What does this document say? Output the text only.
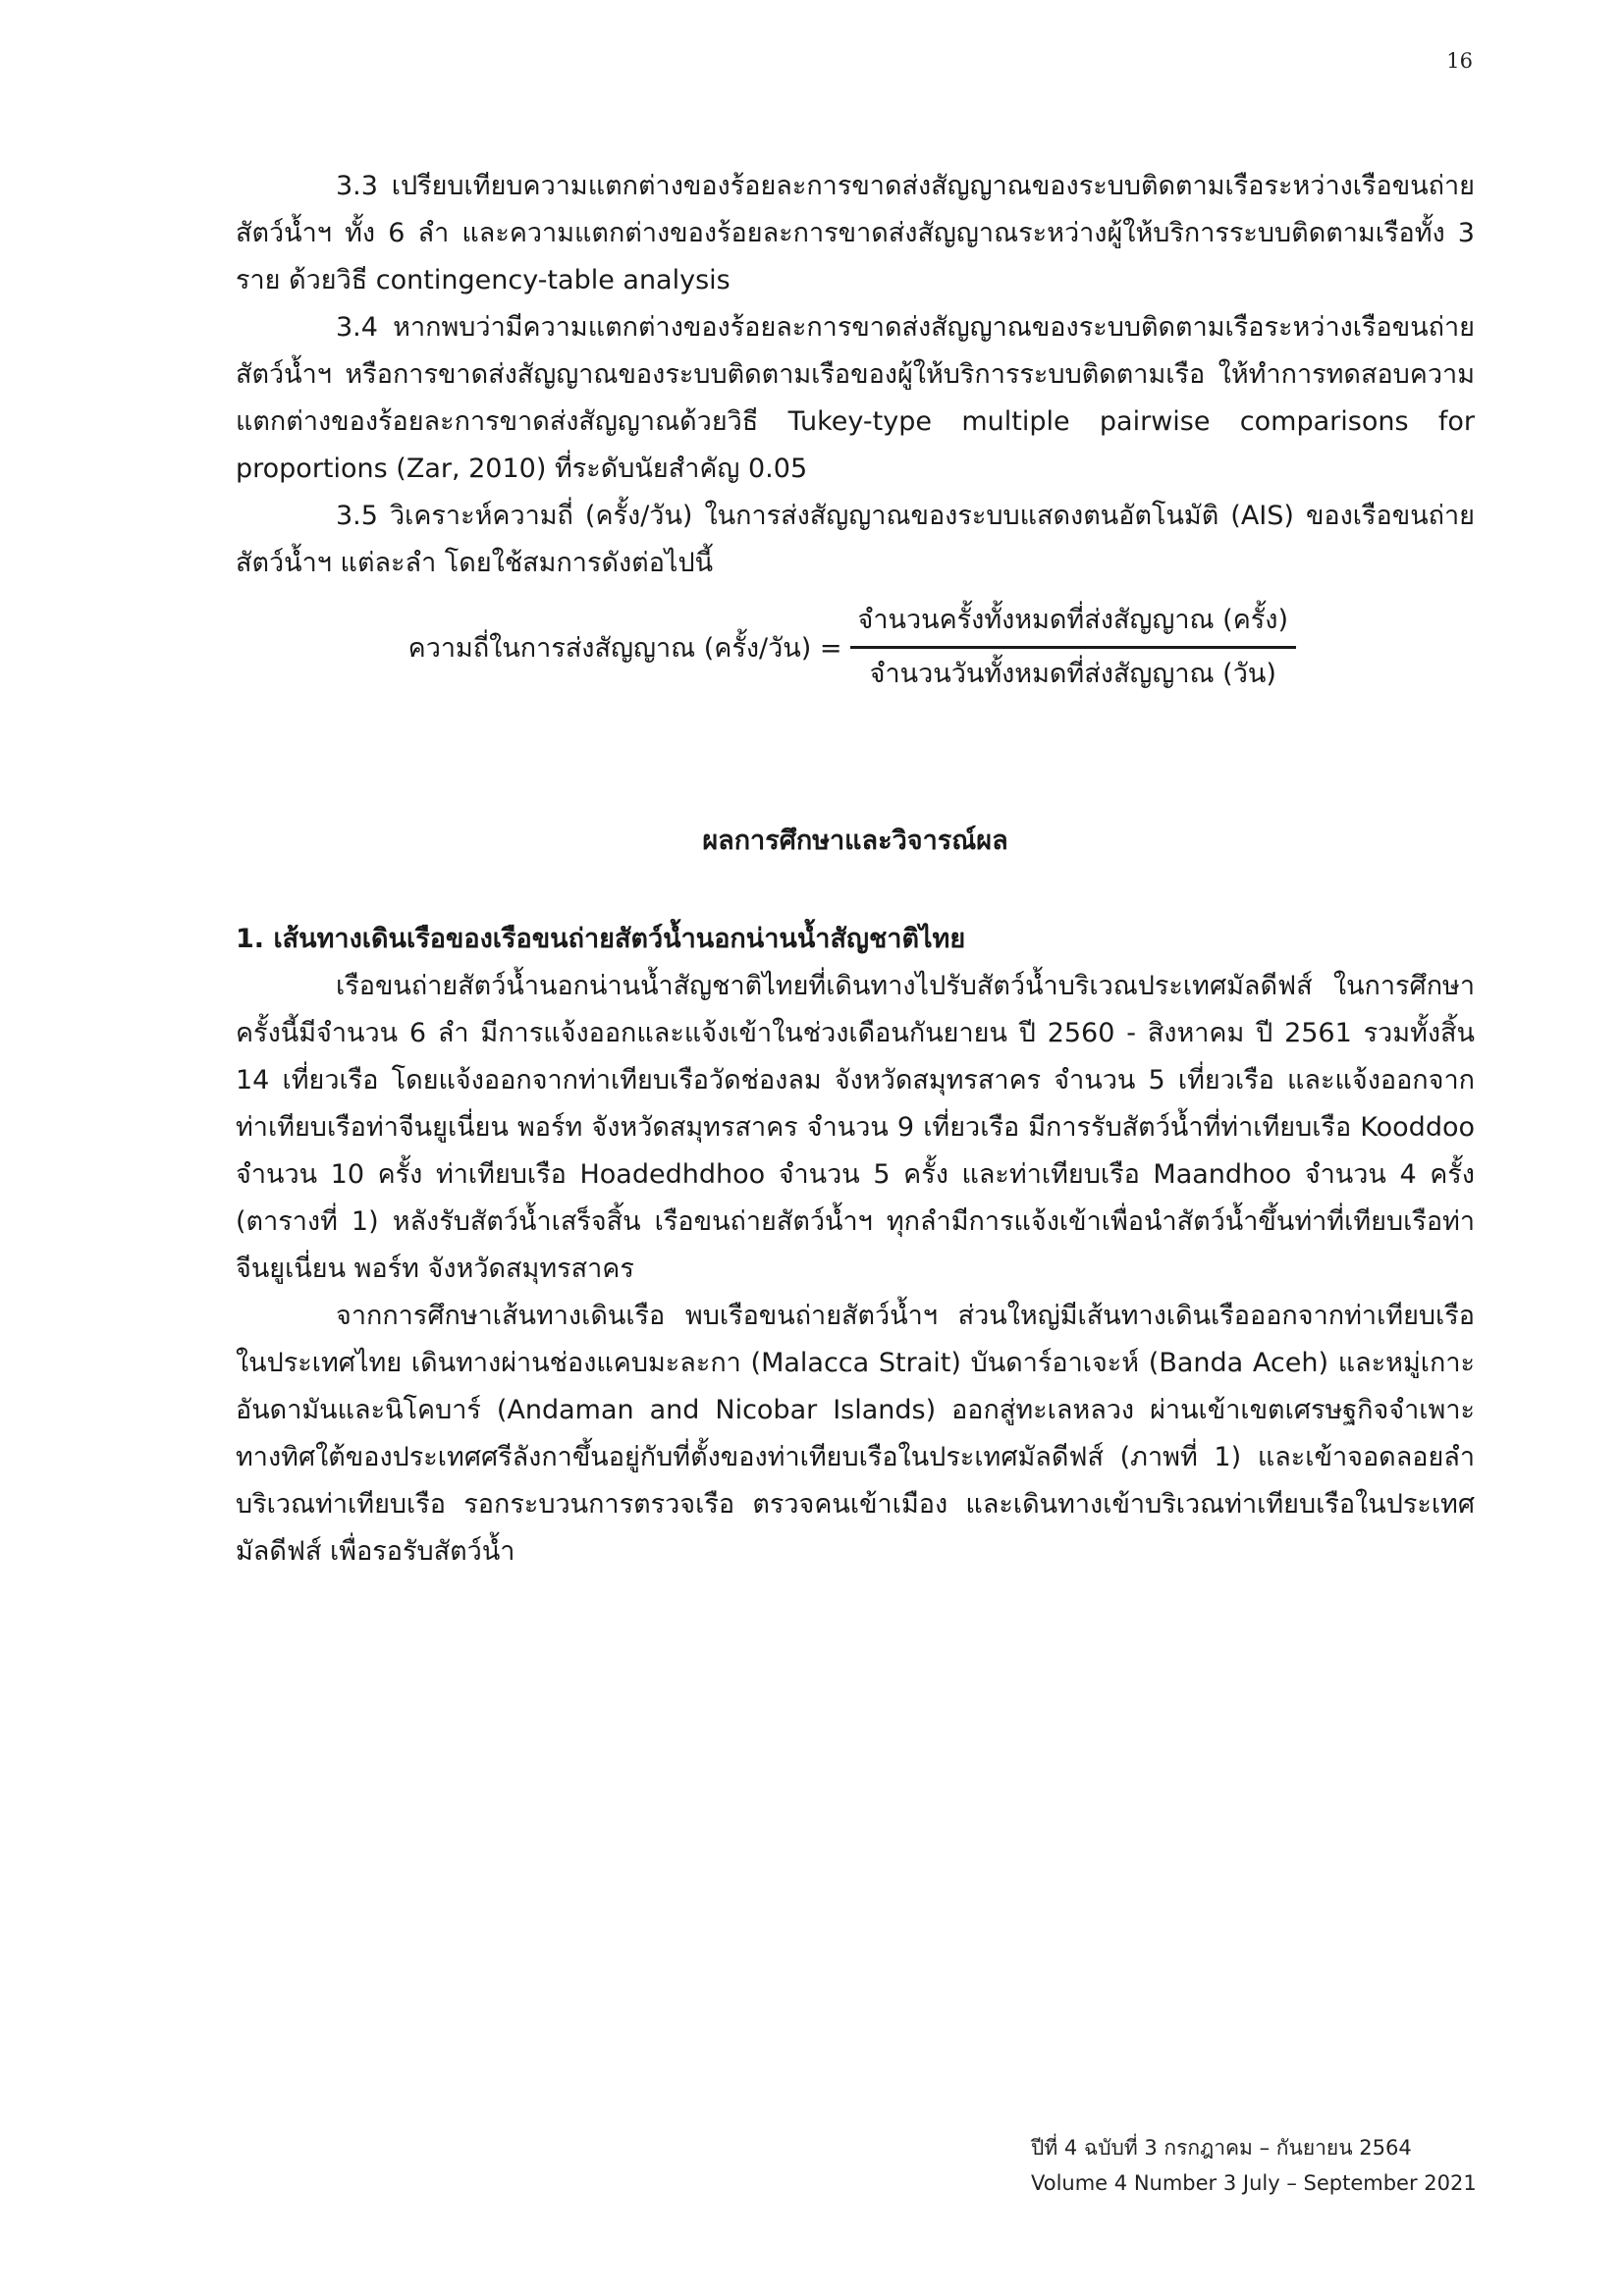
16

3.3 เปรียบเทียบความแตกต่างของร้อยละการขาดส่งสัญญาณของระบบติดตามเรือระหว่างเรือขนถ่ายสัตว์น้ำฯ ทั้ง 6 ลำ และความแตกต่างของร้อยละการขาดส่งสัญญาณระหว่างผู้ให้บริการระบบติดตามเรือทั้ง 3 ราย ด้วยวิธี contingency-table analysis

3.4 หากพบว่ามีความแตกต่างของร้อยละการขาดส่งสัญญาณของระบบติดตามเรือระหว่างเรือขนถ่ายสัตว์น้ำฯ หรือการขาดส่งสัญญาณของระบบติดตามเรือของผู้ให้บริการระบบติดตามเรือ ให้ทำการทดสอบความแตกต่างของร้อยละการขาดส่งสัญญาณด้วยวิธี Tukey-type multiple pairwise comparisons for proportions (Zar, 2010) ที่ระดับนัยสำคัญ 0.05

3.5 วิเคราะห์ความถี่ (ครั้ง/วัน) ในการส่งสัญญาณของระบบแสดงตนอัตโนมัติ (AIS) ของเรือขนถ่ายสัตว์น้ำฯ แต่ละลำ โดยใช้สมการดังต่อไปนี้

ความถี่ในการส่งสัญญาณ (ครั้ง/วัน) = $\frac{\text{จำนวนครั้งทั้งหมดที่ส่งสัญญาณ (ครั้ง)}}{\text{จำนวนวันทั้งหมดที่ส่งสัญญาณ (วัน)}}$
ผลการศึกษาและวิจารณ์ผล
1. เส้นทางเดินเรือของเรือขนถ่ายสัตว์น้ำนอกน่านน้ำสัญชาติไทย

เรือขนถ่ายสัตว์น้ำนอกน่านน้ำสัญชาติไทยที่เดินทางไปรับสัตว์น้ำบริเวณประเทศมัลดีฟส์ ในการศึกษาครั้งนี้มีจำนวน 6 ลำ มีการแจ้งออกและแจ้งเข้าในช่วงเดือนกันยายน ปี 2560 - สิงหาคม ปี 2561 รวมทั้งสิ้น 14 เที่ยวเรือ โดยแจ้งออกจากท่าเทียบเรือวัดช่องลม จังหวัดสมุทรสาคร จำนวน 5 เที่ยวเรือ และแจ้งออกจากท่าเทียบเรือท่าจีนยูเนี่ยน พอร์ท จังหวัดสมุทรสาคร จำนวน 9 เที่ยวเรือ มีการรับสัตว์น้ำที่ท่าเทียบเรือ Kooddoo จำนวน 10 ครั้ง ท่าเทียบเรือ Hoadedhdhoo จำนวน 5 ครั้ง และท่าเทียบเรือ Maandhoo จำนวน 4 ครั้ง (ตารางที่ 1) หลังรับสัตว์น้ำเสร็จสิ้น เรือขนถ่ายสัตว์น้ำฯ ทุกลำมีการแจ้งเข้าเพื่อนำสัตว์น้ำขึ้นท่าที่เทียบเรือท่าจีนยูเนี่ยน พอร์ท จังหวัดสมุทรสาคร

จากการศึกษาเส้นทางเดินเรือ พบเรือขนถ่ายสัตว์น้ำฯ ส่วนใหญ่มีเส้นทางเดินเรือออกจากท่าเทียบเรือในประเทศไทย เดินทางผ่านช่องแคบมะละกา (Malacca Strait) บันดาร์อาเจะห์ (Banda Aceh) และหมู่เกาะอันดามันและนิโคบาร์ (Andaman and Nicobar Islands) ออกสู่ทะเลหลวง ผ่านเข้าเขตเศรษฐกิจจำเพาะทางทิศใต้ของประเทศศรีลังกาขึ้นอยู่กับที่ตั้งของท่าเทียบเรือในประเทศมัลดีฟส์ (ภาพที่ 1) และเข้าจอดลอยลำบริเวณท่าเทียบเรือ รอกระบวนการตรวจเรือ ตรวจคนเข้าเมือง และเดินทางเข้าบริเวณท่าเทียบเรือในประเทศมัลดีฟส์ เพื่อรอรับสัตว์น้ำ

ปีที่ 4 ฉบับที่ 3 กรกฎาคม – กันยายน 2564
Volume 4 Number 3 July – September 2021
